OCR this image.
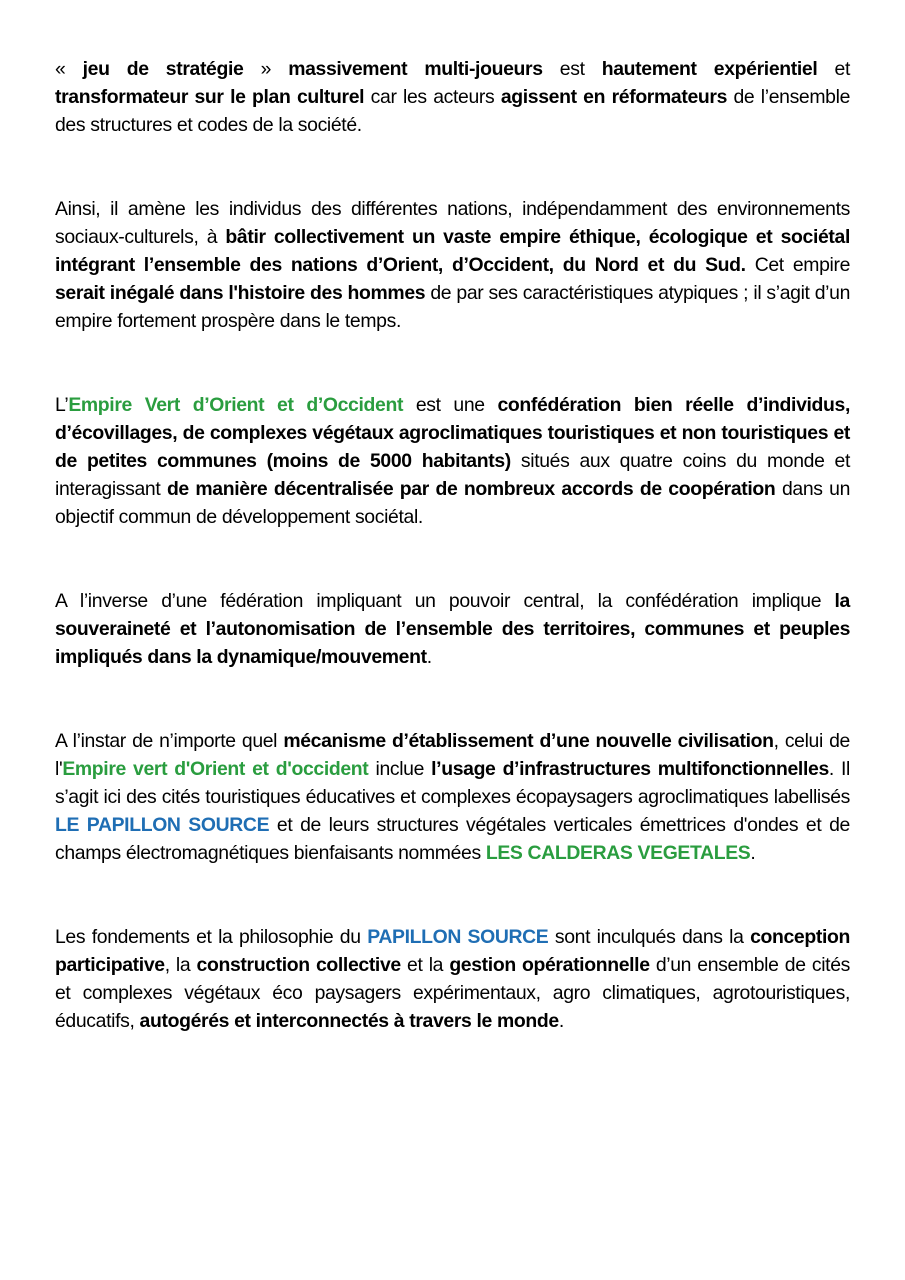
« jeu de stratégie » massivement multi-joueurs est hautement expérientiel et transformateur sur le plan culturel car les acteurs agissent en réformateurs de l’ensemble des structures et codes de la société.

Ainsi, il amène les individus des différentes nations, indépendamment des environnements sociaux-culturels, à bâtir collectivement un vaste empire éthique, écologique et sociétal intégrant l’ensemble des nations d’Orient, d’Occident, du Nord et du Sud. Cet empire serait inégalé dans l'histoire des hommes de par ses caractéristiques atypiques ; il s’agit d’un empire fortement prospère dans le temps.

L’Empire Vert d’Orient et d’Occident est une confédération bien réelle d’individus, d’écovillages, de complexes végétaux agroclimatiques touristiques et non touristiques et de petites communes (moins de 5000 habitants) situés aux quatre coins du monde et interagissant de manière décentralisée par de nombreux accords de coopération dans un objectif commun de développement sociétal.

A l’inverse d’une fédération impliquant un pouvoir central, la confédération implique la souveraineté et l’autonomisation de l’ensemble des territoires, communes et peuples impliqués dans la dynamique/mouvement.

A l’instar de n’importe quel mécanisme d’établissement d’une nouvelle civilisation, celui de l'Empire vert d'Orient et d'occident inclue l’usage d’infrastructures multifonctionnelles. Il s’agit ici des cités touristiques éducatives et complexes écopaysagers agroclimatiques labellisés LE PAPILLON SOURCE et de leurs structures végétales verticales émettrices d'ondes et de champs électromagnétiques bienfaisants nommées LES CALDERAS VEGETALES.

Les fondements et la philosophie du PAPILLON SOURCE sont inculqués dans la conception participative, la construction collective et la gestion opérationnelle d’un ensemble de cités et complexes végétaux éco paysagers expérimentaux, agro climatiques, agrotouristiques, éducatifs, autogérés et interconnectés à travers le monde.
